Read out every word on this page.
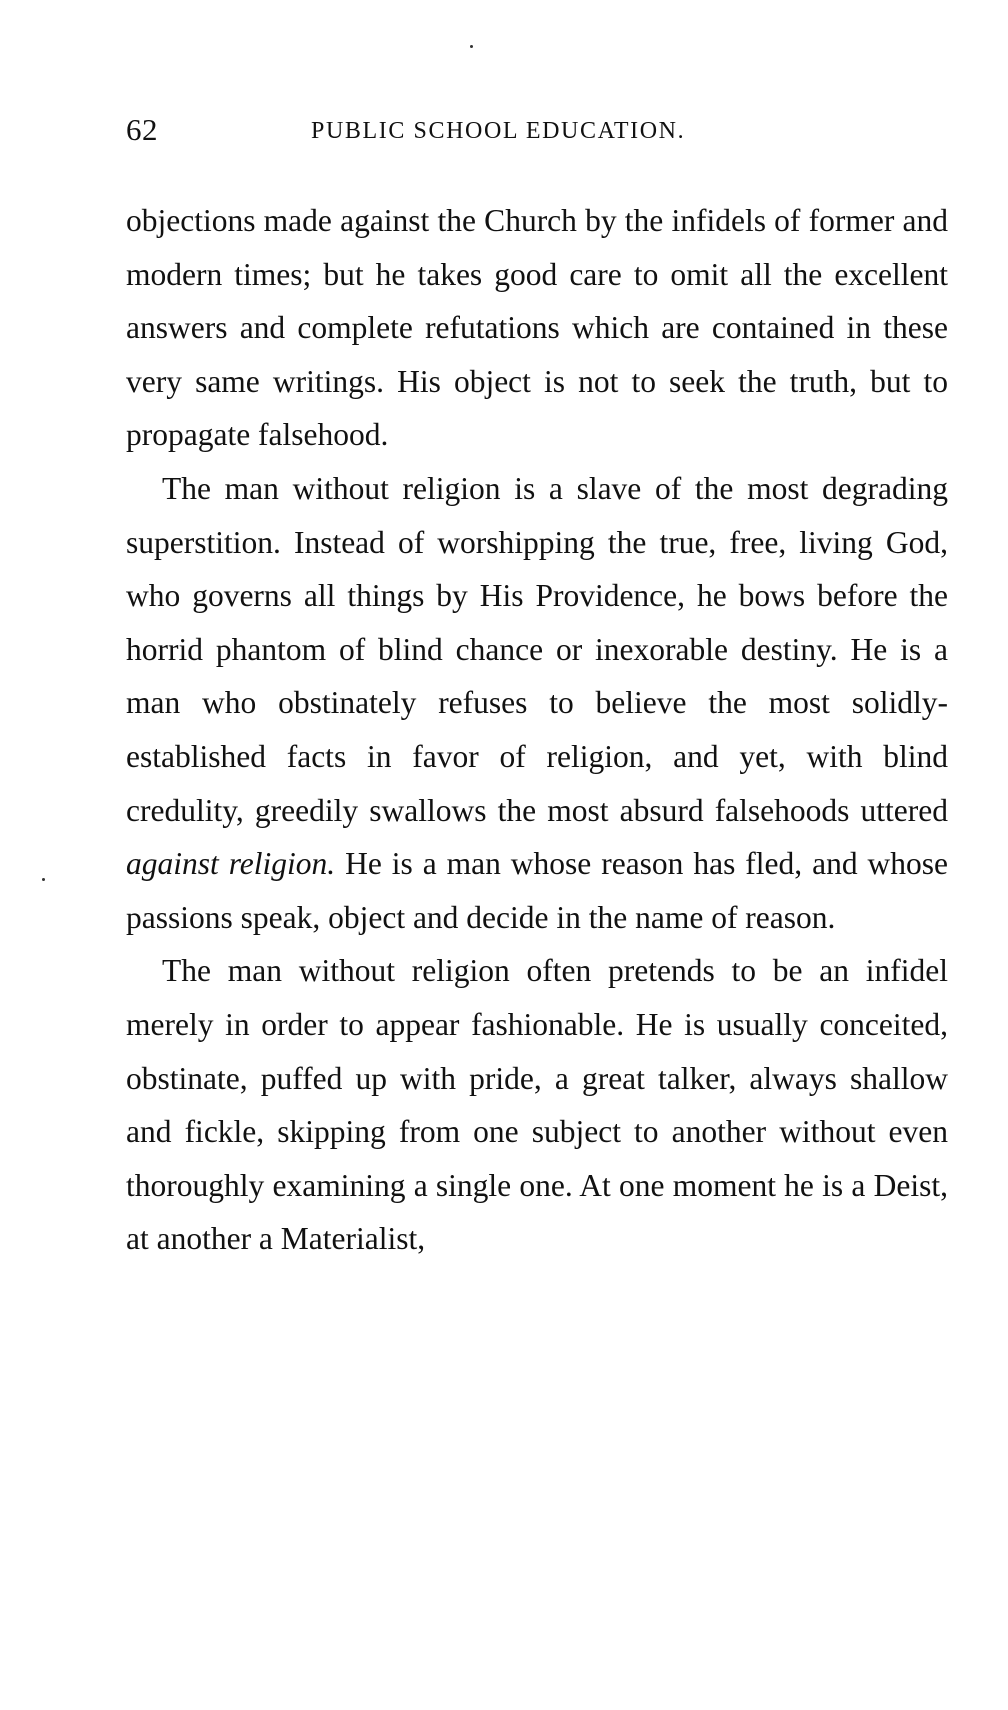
62	PUBLIC SCHOOL EDUCATION.

objections made against the Church by the infidels of former and modern times; but he takes good care to omit all the excellent answers and complete refutations which are contained in these very same writings. His object is not to seek the truth, but to propagate falsehood.

The man without religion is a slave of the most degrading superstition. Instead of worshipping the true, free, living God, who governs all things by His Providence, he bows before the horrid phantom of blind chance or inexorable destiny. He is a man who obstinately refuses to believe the most solidly-established facts in favor of religion, and yet, with blind credulity, greedily swallows the most absurd falsehoods uttered against religion. He is a man whose reason has fled, and whose passions speak, object and decide in the name of reason.

The man without religion often pretends to be an infidel merely in order to appear fashionable. He is usually conceited, obstinate, puffed up with pride, a great talker, always shallow and fickle, skipping from one subject to another without even thoroughly examining a single one. At one moment he is a Deist, at another a Materialist,
